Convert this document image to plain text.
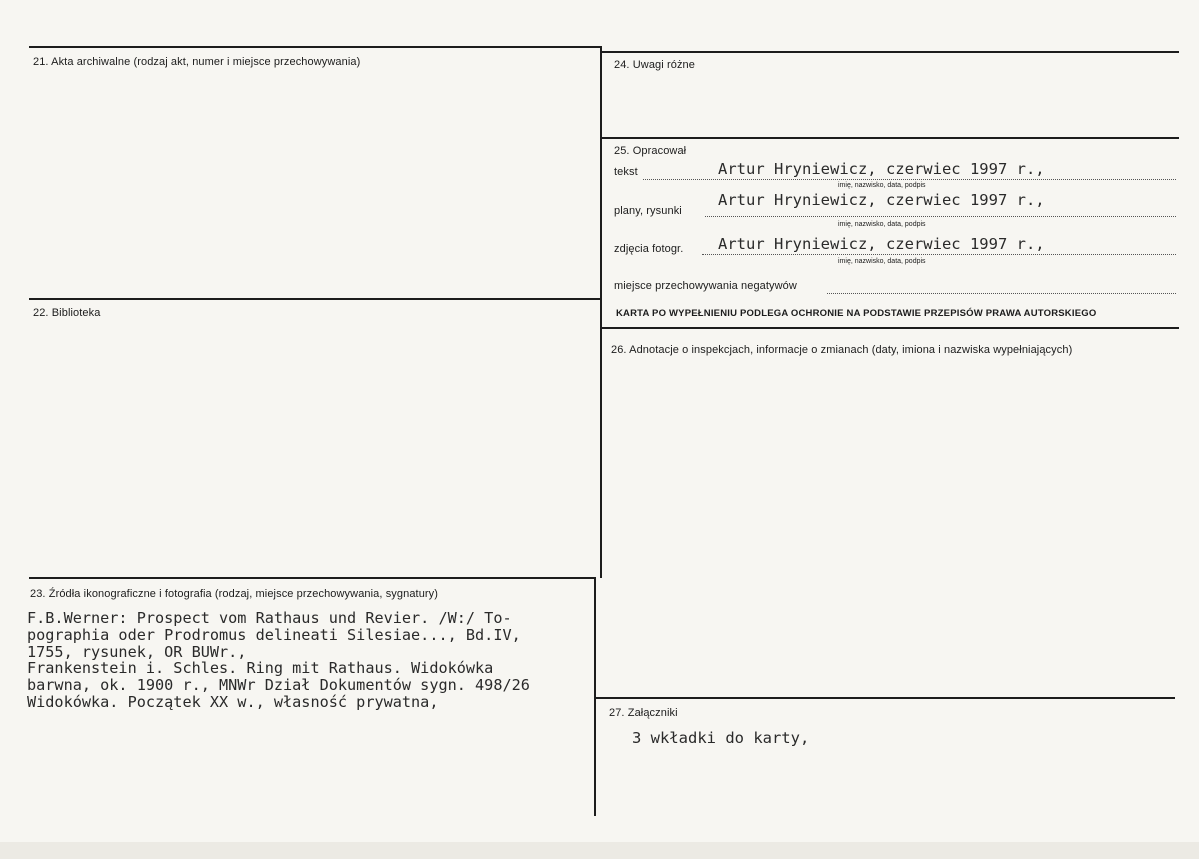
21. Akta archiwalne (rodzaj akt, numer i miejsce przechowywania)
22. Biblioteka
23. Źródła ikonograficzne i fotografia (rodzaj, miejsce przechowywania, sygnatury)
F.B.Werner: Prospect vom Rathaus und Revier. /W:/ To-
pographia oder Prodromus delineati Silesiae..., Bd.IV,
1755, rysunek, OR BUWr.,
Frankenstein i. Schles. Ring mit Rathaus. Widokówka
barwna, ok. 1900 r., MNWr Dział Dokumentów sygn. 498/26
Widokówka. Początek XX w., własność prywatna,
24. Uwagi różne
25. Opracował
tekst	Artur Hryniewicz, czerwiec 1997 r.,
imię, nazwisko, data, podpis
plany, rysunki
Artur Hryniewicz, czerwiec 1997 r.,
imię, nazwisko, data, podpis
zdjęcia fotogr. Artur Hryniewicz, czerwiec 1997 r.,
imię, nazwisko, data, podpis
miejsce przechowywania negatywów
KARTA PO WYPEŁNIENIU PODLEGA OCHRONIE NA PODSTAWIE PRZEPISÓW PRAWA AUTORSKIEGO
26. Adnotacje o inspekcjach, informacje o zmianach (daty, imiona i nazwiska wypełniających)
27. Załączniki
3 wkładki do karty,
